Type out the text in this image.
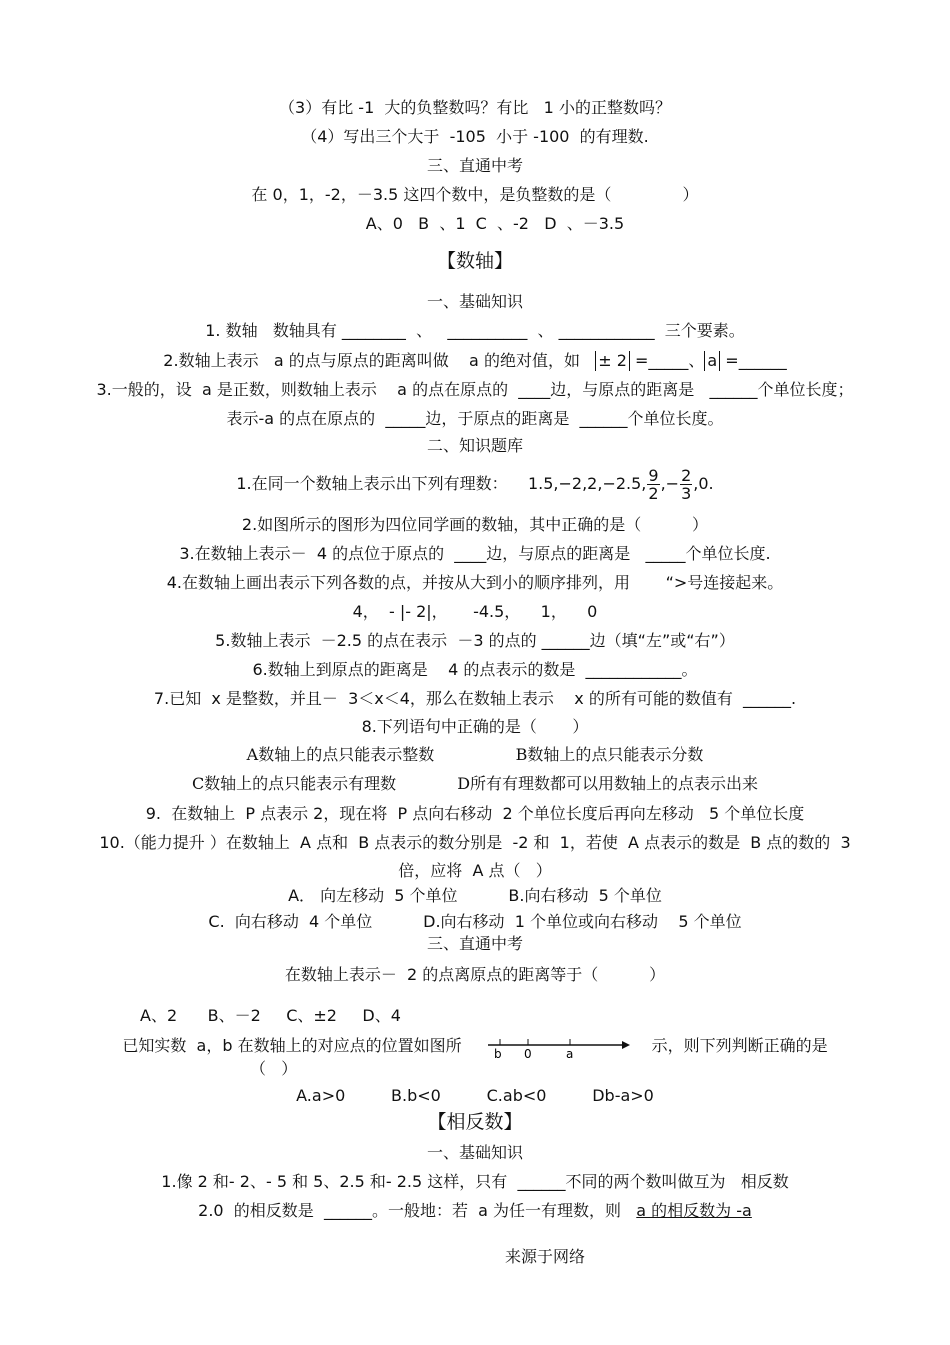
（3）有比 -1  大的负整数吗？有比   1 小的正整数吗？
（4）写出三个大于  -105  小于 -100  的有理数.
三、直通中考
在 0，1，-2，－3.5 这四个数中，是负整数的是（              ）
A、0   B  、1  C  、-2   D  、－3.5
【数轴】
一、基础知识
1. 数轴   数轴具有 ________  、   __________  、 ____________  三个要素。
2.数轴上表示   a 的点与原点的距离叫做    a 的绝对值，如   ± 2 =_____、 a =______
3.一般的，设  a 是正数，则数轴上表示    a 的点在原点的  ____边，与原点的距离是   ______个单位长度；
表示-a 的点在原点的  _____边，于原点的距离是  ______个单位长度。
二、知识题库
1.在同一个数轴上表示出下列有理数：    1.5,−2,2,−2.5, $\frac{9}{2}$ ,− $\frac{2}{3} ,0$.
2.如图所示的图形为四位同学画的数轴，其中正确的是（          ）
3.在数轴上表示－  4 的点位于原点的  ____边，与原点的距离是   _____个单位长度.
4.在数轴上画出表示下列各数的点，并按从大到小的顺序排列，用       “>号连接起来。
4，  - |- 2|，     -4.5，    1，    0
5.数轴上表示  －2.5 的点在表示  －3 的点的 ______边（填“左”或“右”）
6.数轴上到原点的距离是    4 的点表示的数是  ____________。
7.已知  x 是整数，并且－  3＜x＜4，那么在数轴上表示    x 的所有可能的数值有  ______.
8.下列语句中正确的是（       ）
A数轴上的点只能表示整数                B数轴上的点只能表示分数
C数轴上的点只能表示有理数            D所有有理数都可以用数轴上的点表示出来
9.  在数轴上  P 点表示 2，现在将  P 点向右移动  2 个单位长度后再向左移动   5 个单位长度
10.（能力提升 ）在数轴上  A 点和  B 点表示的数分别是  -2 和  1，若使  A 点表示的数是  B 点的数的  3
倍，应将  A 点（   ）
A． 向左移动  5 个单位          B.向右移动  5 个单位
C.  向右移动  4 个单位          D.向右移动  1 个单位或向右移动    5 个单位
三、直通中考
在数轴上表示－  2 的点离原点的距离等于（          ）
A、2      B、－2     C、±2     D、4
已知实数  a，b 在数轴上的对应点的位置如图所	b 0	a	示，则下列判断正确的是
（   ）
A.a>0         B.b<0         C.ab<0         Db-a>0
【相反数】
一、基础知识
1.像 2 和- 2、- 5 和 5、2.5 和- 2.5 这样，只有  ______不同的两个数叫做互为   相反数
2.0  的相反数是  ______。一般地：若  a 为任一有理数，则   a 的相反数为 -a
来源于网络
